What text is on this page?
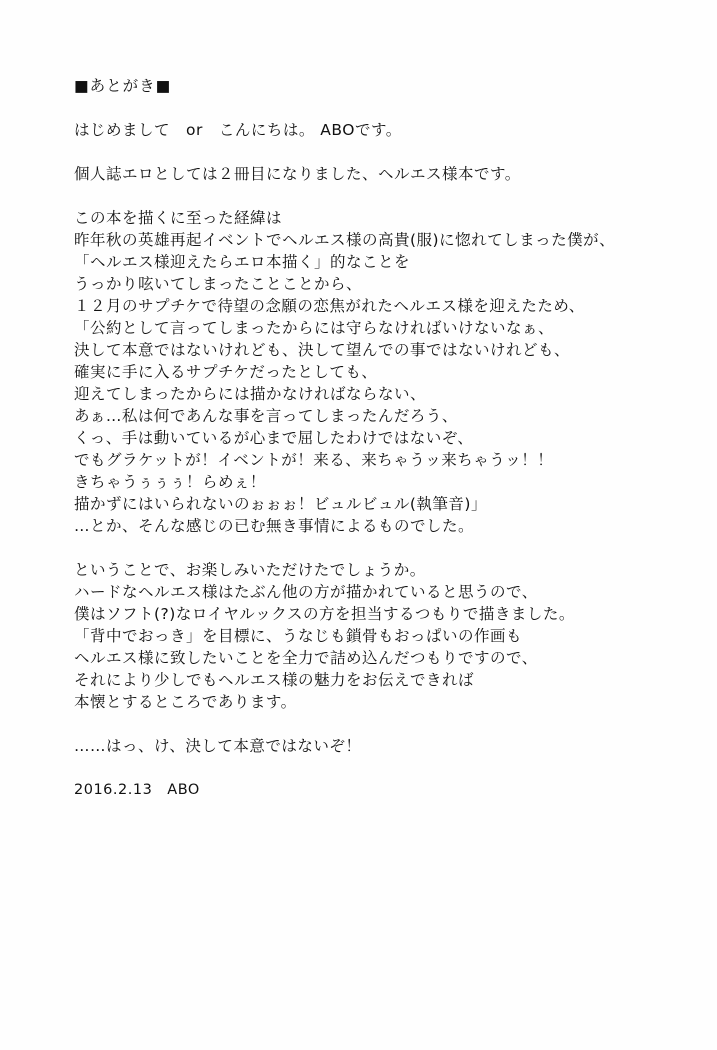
■あとがき■
はじめまして　or　こんにちは。 ABOです。
個人誌エロとしては２冊目になりました、ヘルエス様本です。
この本を描くに至った経緯は
昨年秋の英雄再起イベントでヘルエス様の高貴(服)に惚れてしまった僕が、
「ヘルエス様迎えたらエロ本描く」的なことを
うっかり呟いてしまったことことから、
１２月のサプチケで待望の念願の恋焦がれたヘルエス様を迎えたため、
「公約として言ってしまったからには守らなければいけないなぁ、
決して本意ではないけれども、決して望んでの事ではないけれども、
確実に手に入るサプチケだったとしても、
迎えてしまったからには描かなければならない、
あぁ…私は何であんな事を言ってしまったんだろう、
くっ、手は動いているが心まで屈したわけではないぞ、
でもグラケットが！イベントが！来る、来ちゃうッ来ちゃうッ！！
きちゃうぅぅぅ！らめぇ！
描かずにはいられないのぉぉぉ！ビュルビュル(執筆音)」
…とか、そんな感じの已む無き事情によるものでした。
ということで、お楽しみいただけたでしょうか。
ハードなヘルエス様はたぶん他の方が描かれていると思うので、
僕はソフト(?)なロイヤルックスの方を担当するつもりで描きました。
「背中でおっき」を目標に、うなじも鎖骨もおっぱいの作画も
ヘルエス様に致したいことを全力で詰め込んだつもりですので、
それにより少しでもヘルエス様の魅力をお伝えできれば
本懐とするところであります。
……はっ、け、決して本意ではないぞ！
2016.2.13　ABO
